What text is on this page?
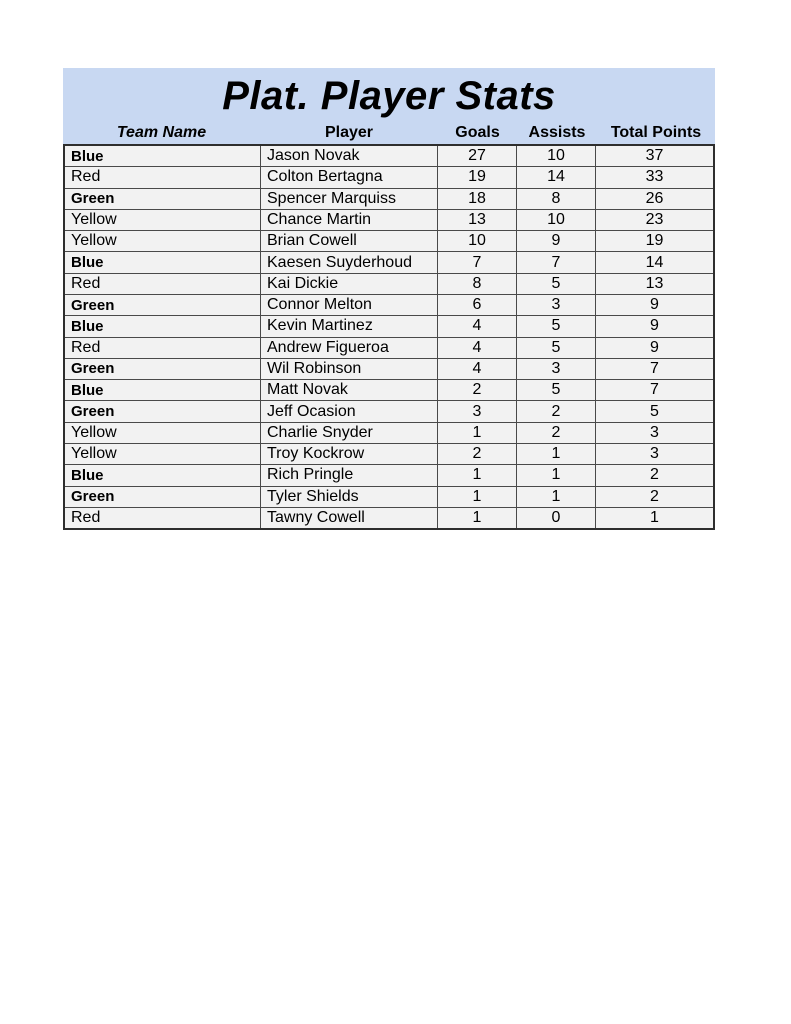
Plat. Player Stats
Team Name	Player	Goals	Assists	Total Points
Blue	Jason Novak	27	10	37
Red	Colton Bertagna	19	14	33
Green	Spencer Marquiss	18	8	26
Yellow	Chance Martin	13	10	23
Yellow	Brian Cowell	10	9	19
Blue	Kaesen Suyderhoud	7	7	14
Red	Kai Dickie	8	5	13
Green	Connor Melton	6	3	9
Blue	Kevin Martinez	4	5	9
Red	Andrew Figueroa	4	5	9
Green	Wil Robinson	4	3	7
Blue	Matt Novak	2	5	7
Green	Jeff Ocasion	3	2	5
Yellow	Charlie Snyder	1	2	3
Yellow	Troy Kockrow	2	1	3
Blue	Rich Pringle	1	1	2
Green	Tyler Shields	1	1	2
Red	Tawny Cowell	1	0	1
